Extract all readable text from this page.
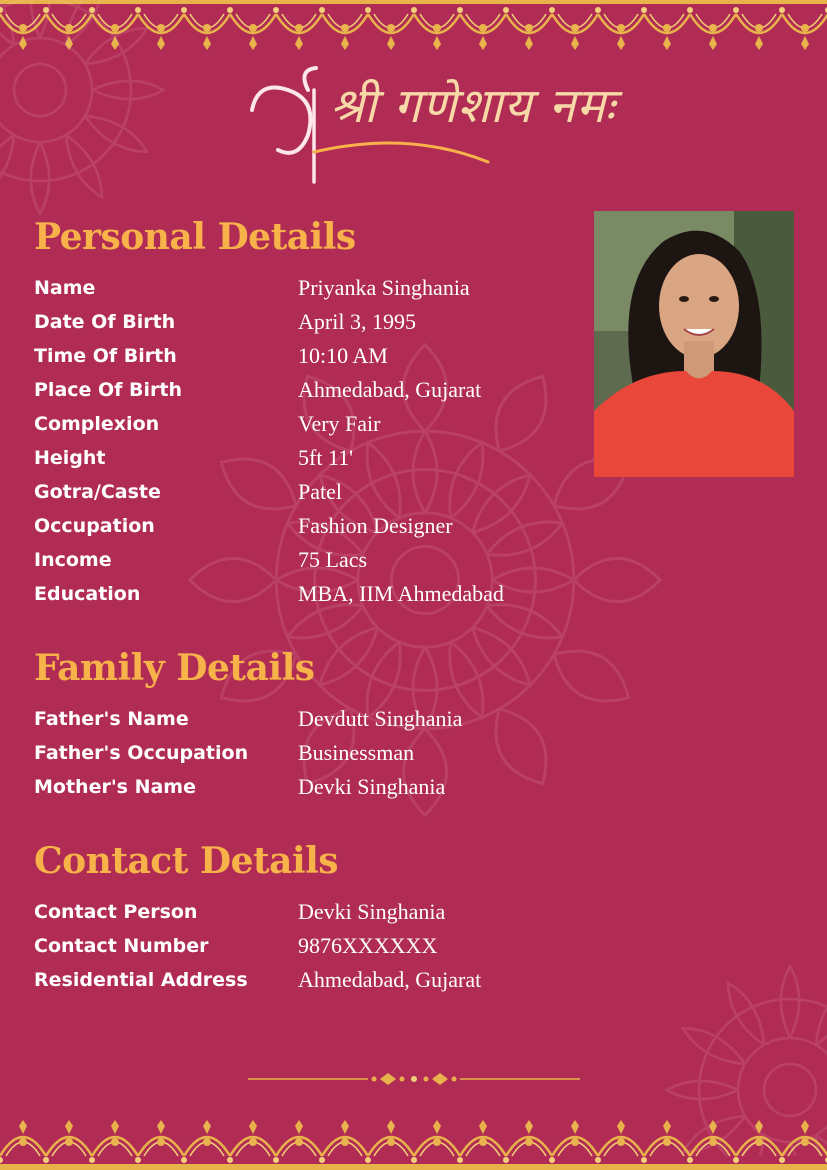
श्री गणेशाय नमः
Personal Details
Name	Priyanka Singhania
Date Of Birth	April 3, 1995
Time Of Birth	10:10 AM
Place Of Birth	Ahmedabad, Gujarat
Complexion	Very Fair
Height	5ft 11'
Gotra/Caste	Patel
Occupation	Fashion Designer
Income	75 Lacs
Education	MBA, IIM Ahmedabad
Family Details
Father's Name	Devdutt Singhania
Father's Occupation	Businessman
Mother's Name	Devki Singhania
Contact Details
Contact Person	Devki Singhania
Contact Number	9876XXXXXX
Residential Address	Ahmedabad, Gujarat
